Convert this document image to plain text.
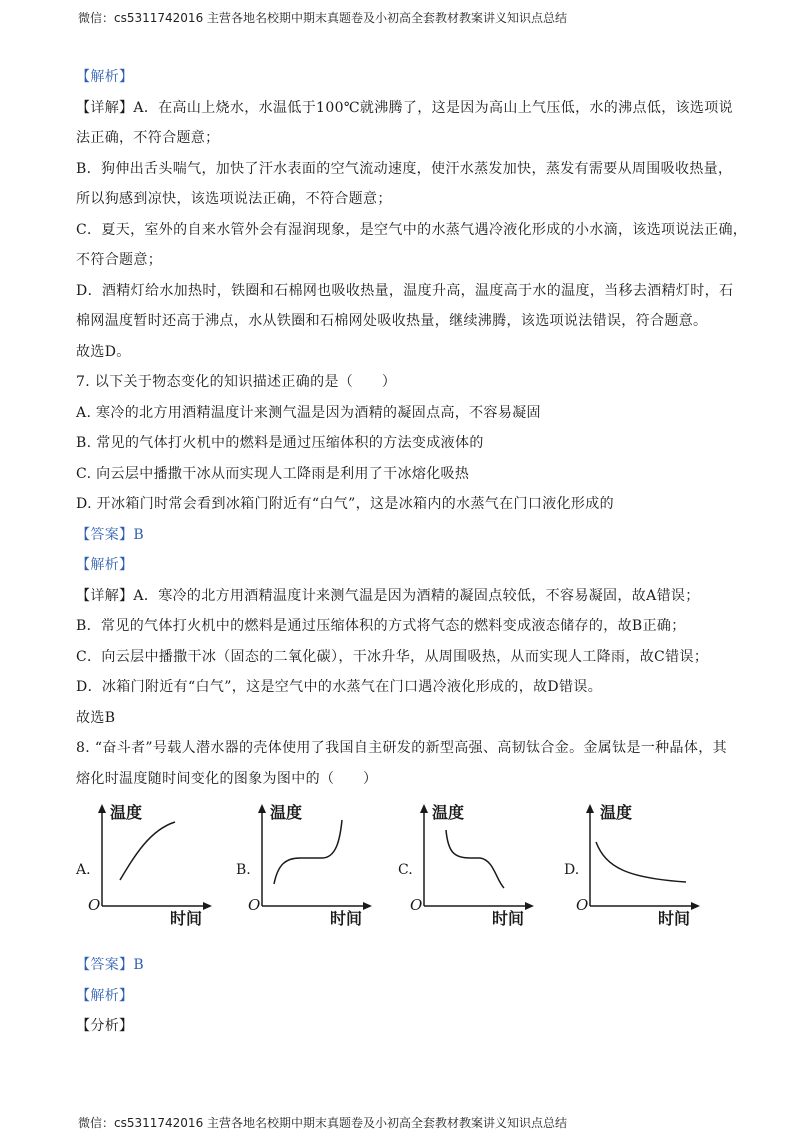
微信：cs5311742016 主营各地名校期中期末真题卷及小初高全套教材教案讲义知识点总结
【解析】
【详解】A．在高山上烧水，水温低于100℃就沸腾了，这是因为高山上气压低，水的沸点低，该选项说
法正确，不符合题意；
B．狗伸出舌头喘气，加快了汗水表面的空气流动速度，使汗水蒸发加快，蒸发有需要从周围吸收热量，
所以狗感到凉快，该选项说法正确，不符合题意；
C．夏天，室外的自来水管外会有湿润现象，是空气中的水蒸气遇冷液化形成的小水滴，该选项说法正确，
不符合题意；
D．酒精灯给水加热时，铁圈和石棉网也吸收热量，温度升高，温度高于水的温度，当移去酒精灯时，石
棉网温度暂时还高于沸点，水从铁圈和石棉网处吸收热量，继续沸腾，该选项说法错误，符合题意。
故选D。
7. 以下关于物态变化的知识描述正确的是（　　）
A. 寒冷的北方用酒精温度计来测气温是因为酒精的凝固点高，不容易凝固
B. 常见的气体打火机中的燃料是通过压缩体积的方法变成液体的
C. 向云层中播撒干冰从而实现人工降雨是利用了干冰熔化吸热
D. 开冰箱门时常会看到冰箱门附近有“白气”，这是冰箱内的水蒸气在门口液化形成的
【答案】B
【解析】
【详解】A．寒冷的北方用酒精温度计来测气温是因为酒精的凝固点较低，不容易凝固，故A错误；
B．常见的气体打火机中的燃料是通过压缩体积的方式将气态的燃料变成液态储存的，故B正确；
C．向云层中播撒干冰（固态的二氧化碳），干冰升华，从周围吸热，从而实现人工降雨，故C错误；
D．冰箱门附近有“白气”，这是空气中的水蒸气在门口遇冷液化形成的，故D错误。
故选B
8. “奋斗者”号载人潜水器的壳体使用了我国自主研发的新型高强、高韧钛合金。金属钛是一种晶体，其
熔化时温度随时间变化的图象为图中的（　　）
A.
温度
时间
O
B.
温度
时间
O
C.
温度
时间
O
D.
温度
时间
O
【答案】B
【解析】
【分析】
微信：cs5311742016 主营各地名校期中期末真题卷及小初高全套教材教案讲义知识点总结
